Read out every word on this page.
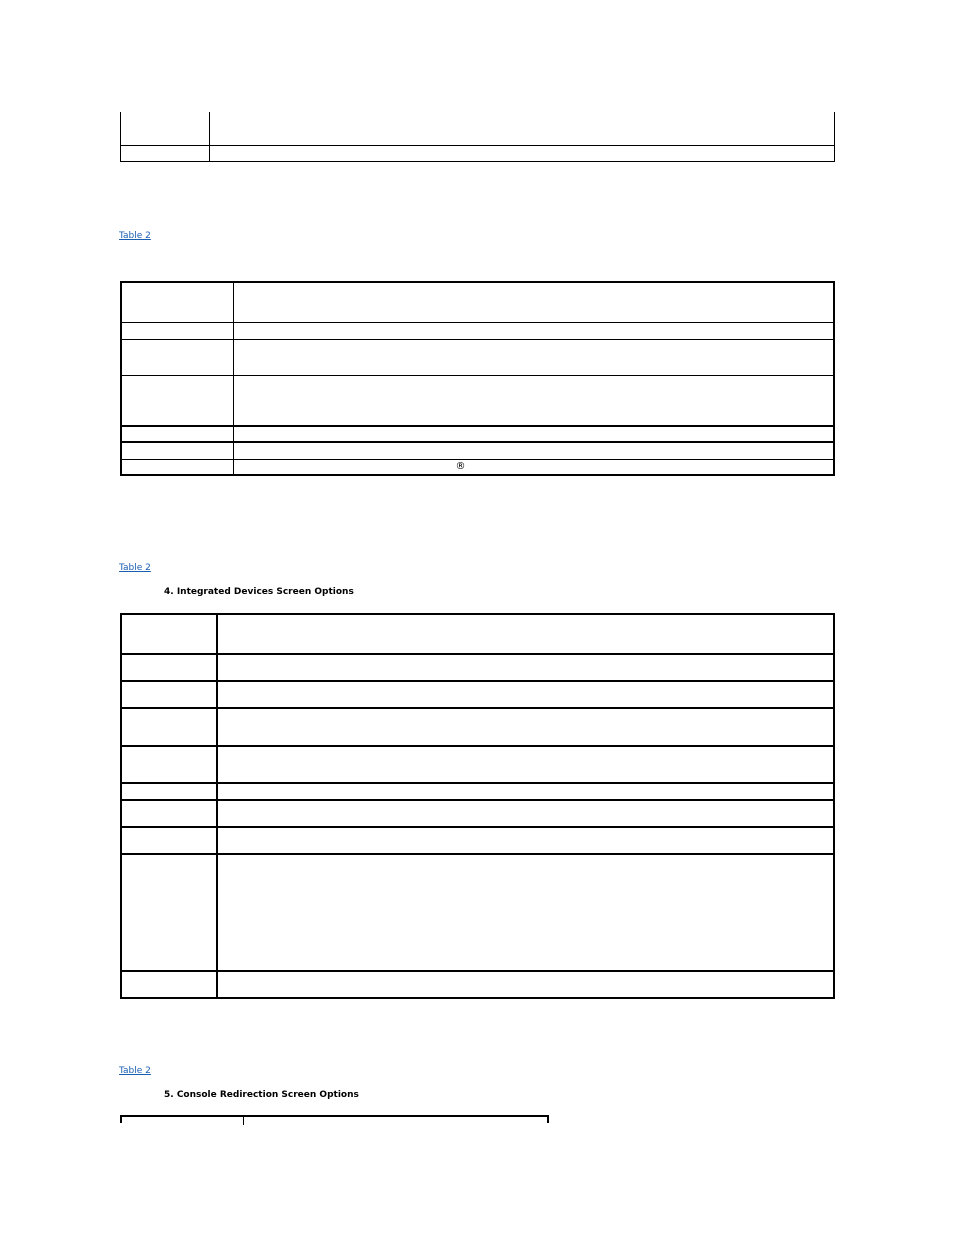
Table 2

	®
Table 2
4. Integrated Devices Screen Options

Table 2
5. Console Redirection Screen Options
